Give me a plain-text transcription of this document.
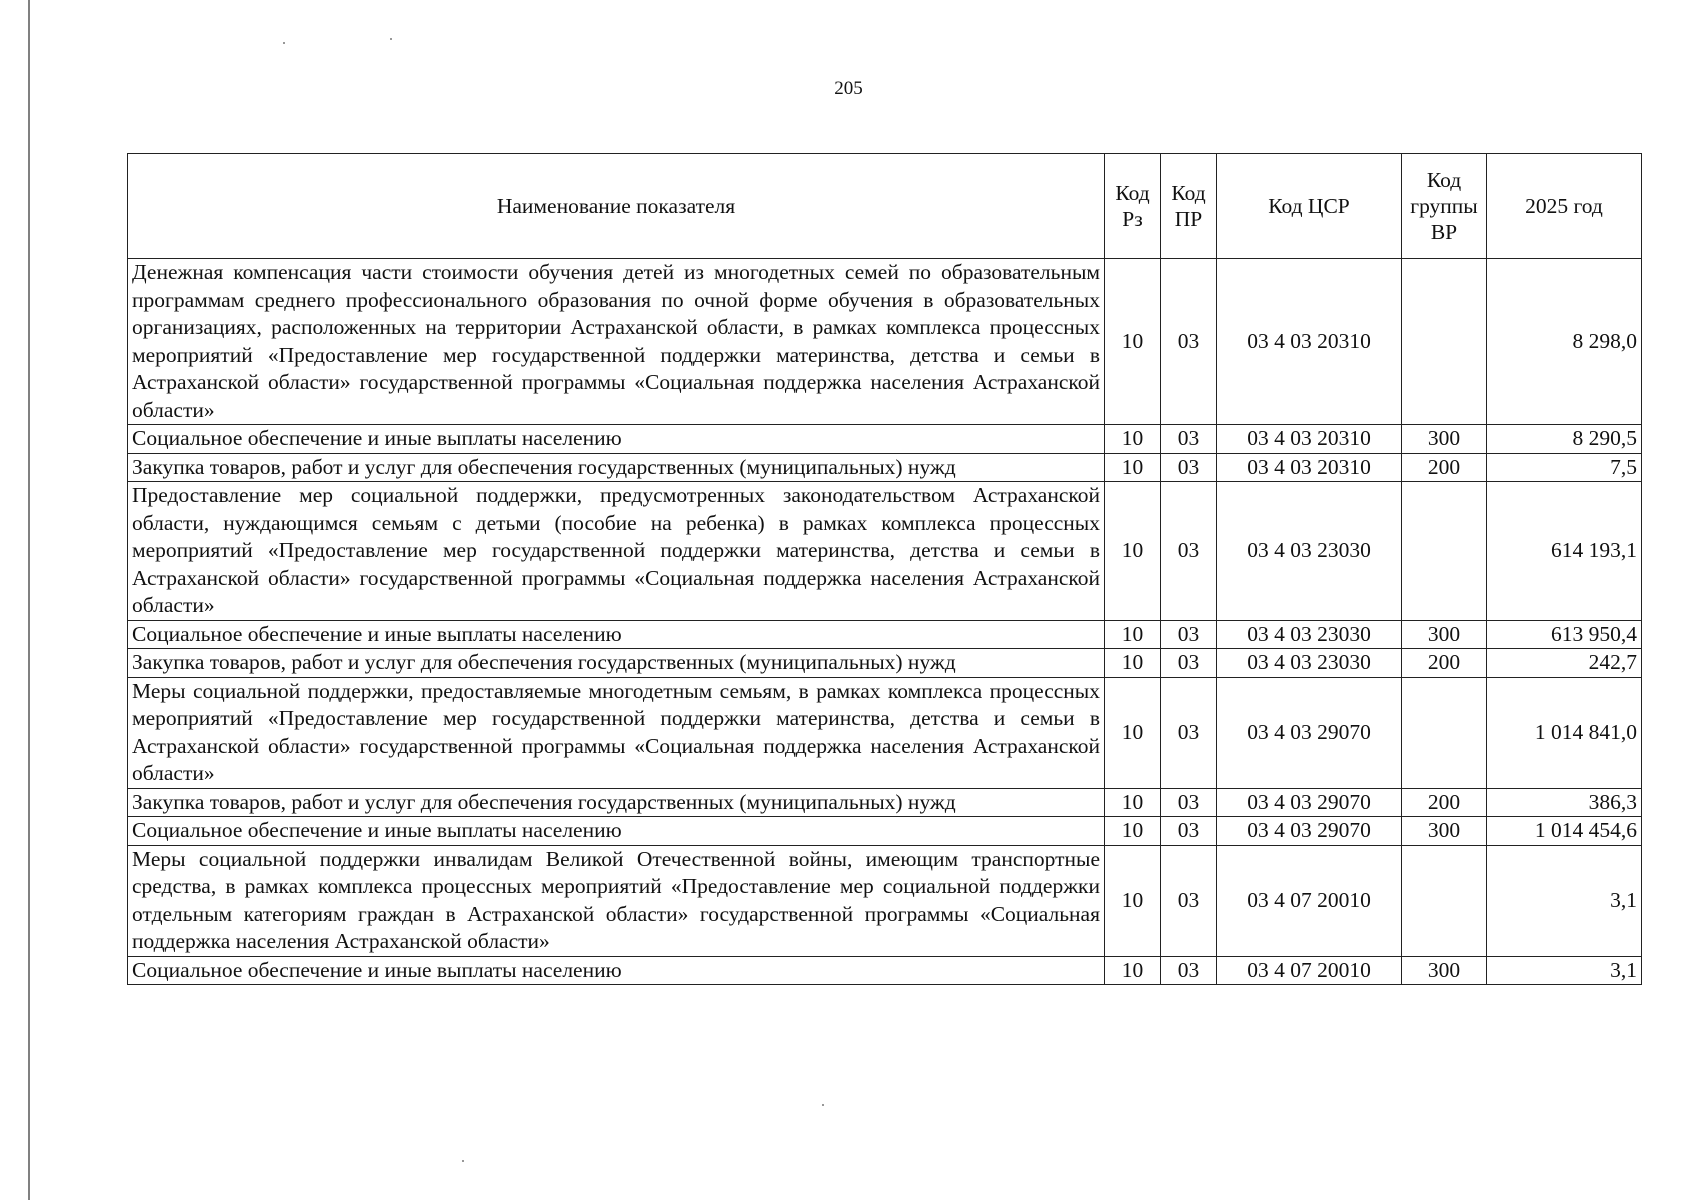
205
Наименование показателя	Код Рз	Код ПР	Код ЦСР	Код группы ВР	2025 год
Денежная компенсация части стоимости обучения детей из многодетных семей по образовательным программам среднего профессионального образования по очной форме обучения в образовательных организациях, расположенных на территории Астраханской области, в рамках комплекса процессных мероприятий «Предоставление мер государственной поддержки материнства, детства и семьи в Астраханской области» государственной программы «Социальная поддержка населения Астраханской области»	10	03	03 4 03 20310		8 298,0
Социальное обеспечение и иные выплаты населению	10	03	03 4 03 20310	300	8 290,5
Закупка товаров, работ и услуг для обеспечения государственных (муниципальных) нужд	10	03	03 4 03 20310	200	7,5
Предоставление мер социальной поддержки, предусмотренных законодательством Астраханской области, нуждающимся семьям с детьми (пособие на ребенка) в рамках комплекса процессных мероприятий «Предоставление мер государственной поддержки материнства, детства и семьи в Астраханской области» государственной программы «Социальная поддержка населения Астраханской области»	10	03	03 4 03 23030		614 193,1
Социальное обеспечение и иные выплаты населению	10	03	03 4 03 23030	300	613 950,4
Закупка товаров, работ и услуг для обеспечения государственных (муниципальных) нужд	10	03	03 4 03 23030	200	242,7
Меры социальной поддержки, предоставляемые многодетным семьям, в рамках комплекса процессных мероприятий «Предоставление мер государственной поддержки материнства, детства и семьи в Астраханской области» государственной программы «Социальная поддержка населения Астраханской области»	10	03	03 4 03 29070		1 014 841,0
Закупка товаров, работ и услуг для обеспечения государственных (муниципальных) нужд	10	03	03 4 03 29070	200	386,3
Социальное обеспечение и иные выплаты населению	10	03	03 4 03 29070	300	1 014 454,6
Меры социальной поддержки инвалидам Великой Отечественной войны, имеющим транспортные средства, в рамках комплекса процессных мероприятий «Предоставление мер социальной поддержки отдельным категориям граждан в Астраханской области» государственной программы «Социальная поддержка населения Астраханской области»	10	03	03 4 07 20010		3,1
Социальное обеспечение и иные выплаты населению	10	03	03 4 07 20010	300	3,1
